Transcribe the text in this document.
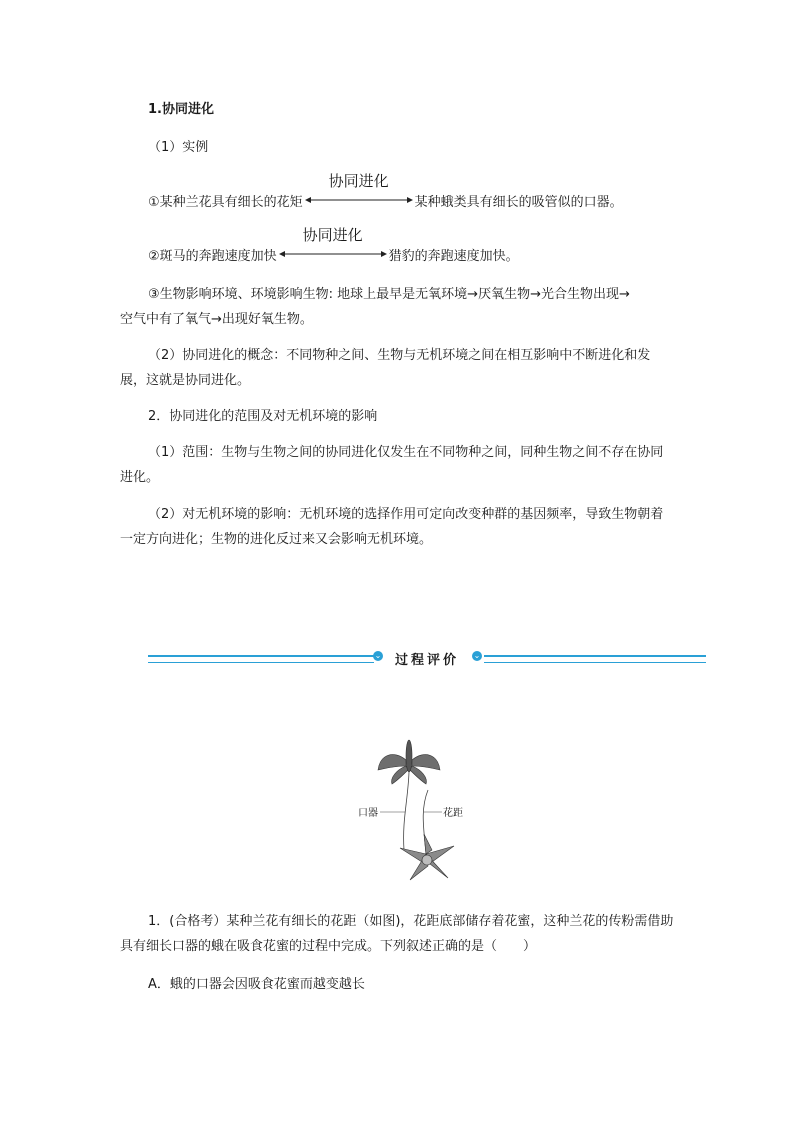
1.协同进化
（1）实例
①某种兰花具有细长的花矩
协同进化
某种蛾类具有细长的吸管似的口器。
②斑马的奔跑速度加快
协同进化
猎豹的奔跑速度加快。
③生物影响环境、环境影响生物: 地球上最早是无氧环境→厌氧生物→光合生物出现→
空气中有了氧气→出现好氧生物。
（2）协同进化的概念：不同物种之间、生物与无机环境之间在相互影响中不断进化和发展，这就是协同进化。
2．协同进化的范围及对无机环境的影响
（1）范围：生物与生物之间的协同进化仅发生在不同物种之间，同种生物之间不存在协同进化。
（2）对无机环境的影响：无机环境的选择作用可定向改变种群的基因频率，导致生物朝着一定方向进化；生物的进化反过来又会影响无机环境。
⌄	过程评价	⌄
口器	花距
1．(合格考）某种兰花有细长的花距（如图)，花距底部储存着花蜜，这种兰花的传粉需借助具有细长口器的蛾在吸食花蜜的过程中完成。下列叙述正确的是（　　）
A．蛾的口器会因吸食花蜜而越变越长
